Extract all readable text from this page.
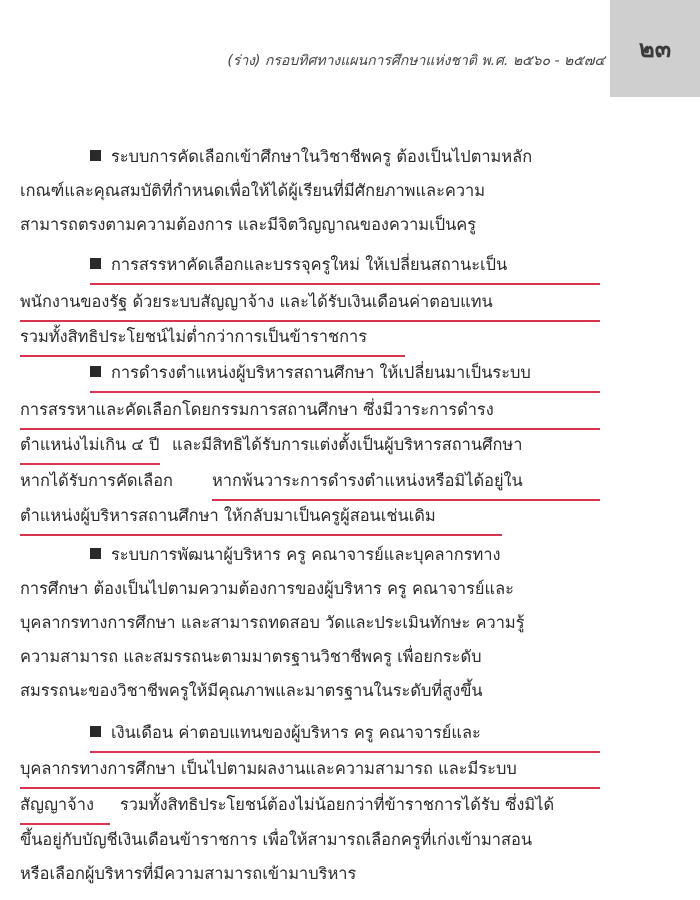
(ร่าง) กรอบทิศทางแผนการศึกษาแห่งชาติ พ.ศ. ๒๕๖๐ - ๒๕๗๔ ๒๓
ระบบการคัดเลือกเข้าศึกษาในวิชาชีพครู ต้องเป็นไปตามหลัก
เกณฑ์และคุณสมบัติที่กำหนดเพื่อให้ได้ผู้เรียนที่มีศักยภาพและความ
สามารถตรงตามความต้องการ และมีจิตวิญญาณของความเป็นครู
การสรรหาคัดเลือกและบรรจุครูใหม่ ให้เปลี่ยนสถานะเป็น
พนักงานของรัฐ ด้วยระบบสัญญาจ้าง และได้รับเงินเดือนค่าตอบแทน
รวมทั้งสิทธิประโยชน์ไม่ต่ำกว่าการเป็นข้าราชการ
การดำรงตำแหน่งผู้บริหารสถานศึกษา ให้เปลี่ยนมาเป็นระบบ
การสรรหาและคัดเลือกโดยกรรมการสถานศึกษา ซึ่งมีวาระการดำรง
ตำแหน่งไม่เกิน ๔ ปี และมีสิทธิได้รับการแต่งตั้งเป็นผู้บริหารสถานศึกษา
หากได้รับการคัดเลือก หากพ้นวาระการดำรงตำแหน่งหรือมิได้อยู่ใน
ตำแหน่งผู้บริหารสถานศึกษา ให้กลับมาเป็นครูผู้สอนเช่นเดิม
ระบบการพัฒนาผู้บริหาร ครู คณาจารย์และบุคลากรทาง
การศึกษา ต้องเป็นไปตามความต้องการของผู้บริหาร ครู คณาจารย์และ
บุคลากรทางการศึกษา และสามารถทดสอบ วัดและประเมินทักษะ ความรู้
ความสามารถ และสมรรถนะตามมาตรฐานวิชาชีพครู เพื่อยกระดับ
สมรรถนะของวิชาชีพครูให้มีคุณภาพและมาตรฐานในระดับที่สูงขึ้น
เงินเดือน ค่าตอบแทนของผู้บริหาร ครู คณาจารย์และ
บุคลากรทางการศึกษา เป็นไปตามผลงานและความสามารถ และมีระบบ
สัญญาจ้าง	รวมทั้งสิทธิประโยชน์ต้องไม่น้อยกว่าที่ข้าราชการได้รับ ซึ่งมิได้
ขึ้นอยู่กับบัญชีเงินเดือนข้าราชการ เพื่อให้สามารถเลือกครูที่เก่งเข้ามาสอน
หรือเลือกผู้บริหารที่มีความสามารถเข้ามาบริหาร
